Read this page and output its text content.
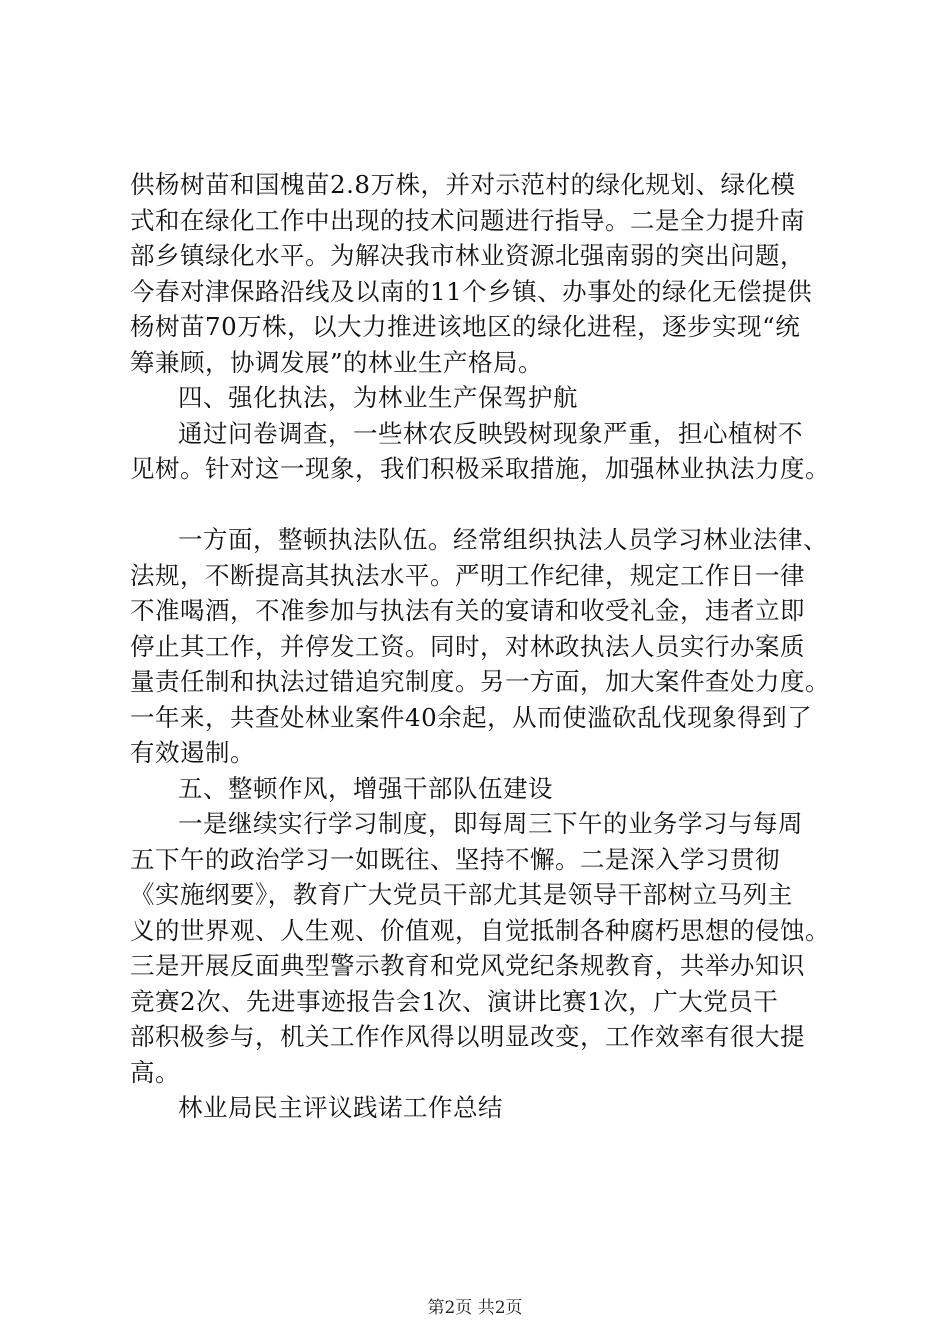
供杨树苗和国槐苗2.8万株，并对示范村的绿化规划、绿化模
式和在绿化工作中出现的技术问题进行指导。二是全力提升南
部乡镇绿化水平。为解决我市林业资源北强南弱的突出问题，
今春对津保路沿线及以南的11个乡镇、办事处的绿化无偿提供
杨树苗70万株，以大力推进该地区的绿化进程，逐步实现“统
筹兼顾，协调发展”的林业生产格局。
四、强化执法，为林业生产保驾护航
通过问卷调查，一些林农反映毁树现象严重，担心植树不
见树。针对这一现象，我们积极采取措施，加强林业执法力度。
一方面，整顿执法队伍。经常组织执法人员学习林业法律、
法规，不断提高其执法水平。严明工作纪律，规定工作日一律
不准喝酒，不准参加与执法有关的宴请和收受礼金，违者立即
停止其工作，并停发工资。同时，对林政执法人员实行办案质
量责任制和执法过错追究制度。另一方面，加大案件查处力度。
一年来，共查处林业案件40余起，从而使滥砍乱伐现象得到了
有效遏制。
五、整顿作风，增强干部队伍建设
一是继续实行学习制度，即每周三下午的业务学习与每周
五下午的政治学习一如既往、坚持不懈。二是深入学习贯彻
《实施纲要》，教育广大党员干部尤其是领导干部树立马列主
义的世界观、人生观、价值观，自觉抵制各种腐朽思想的侵蚀。
三是开展反面典型警示教育和党风党纪条规教育，共举办知识
竞赛2次、先进事迹报告会1次、演讲比赛1次，广大党员干
部积极参与，机关工作作风得以明显改变，工作效率有很大提
高。
林业局民主评议践诺工作总结
第2页 共2页
